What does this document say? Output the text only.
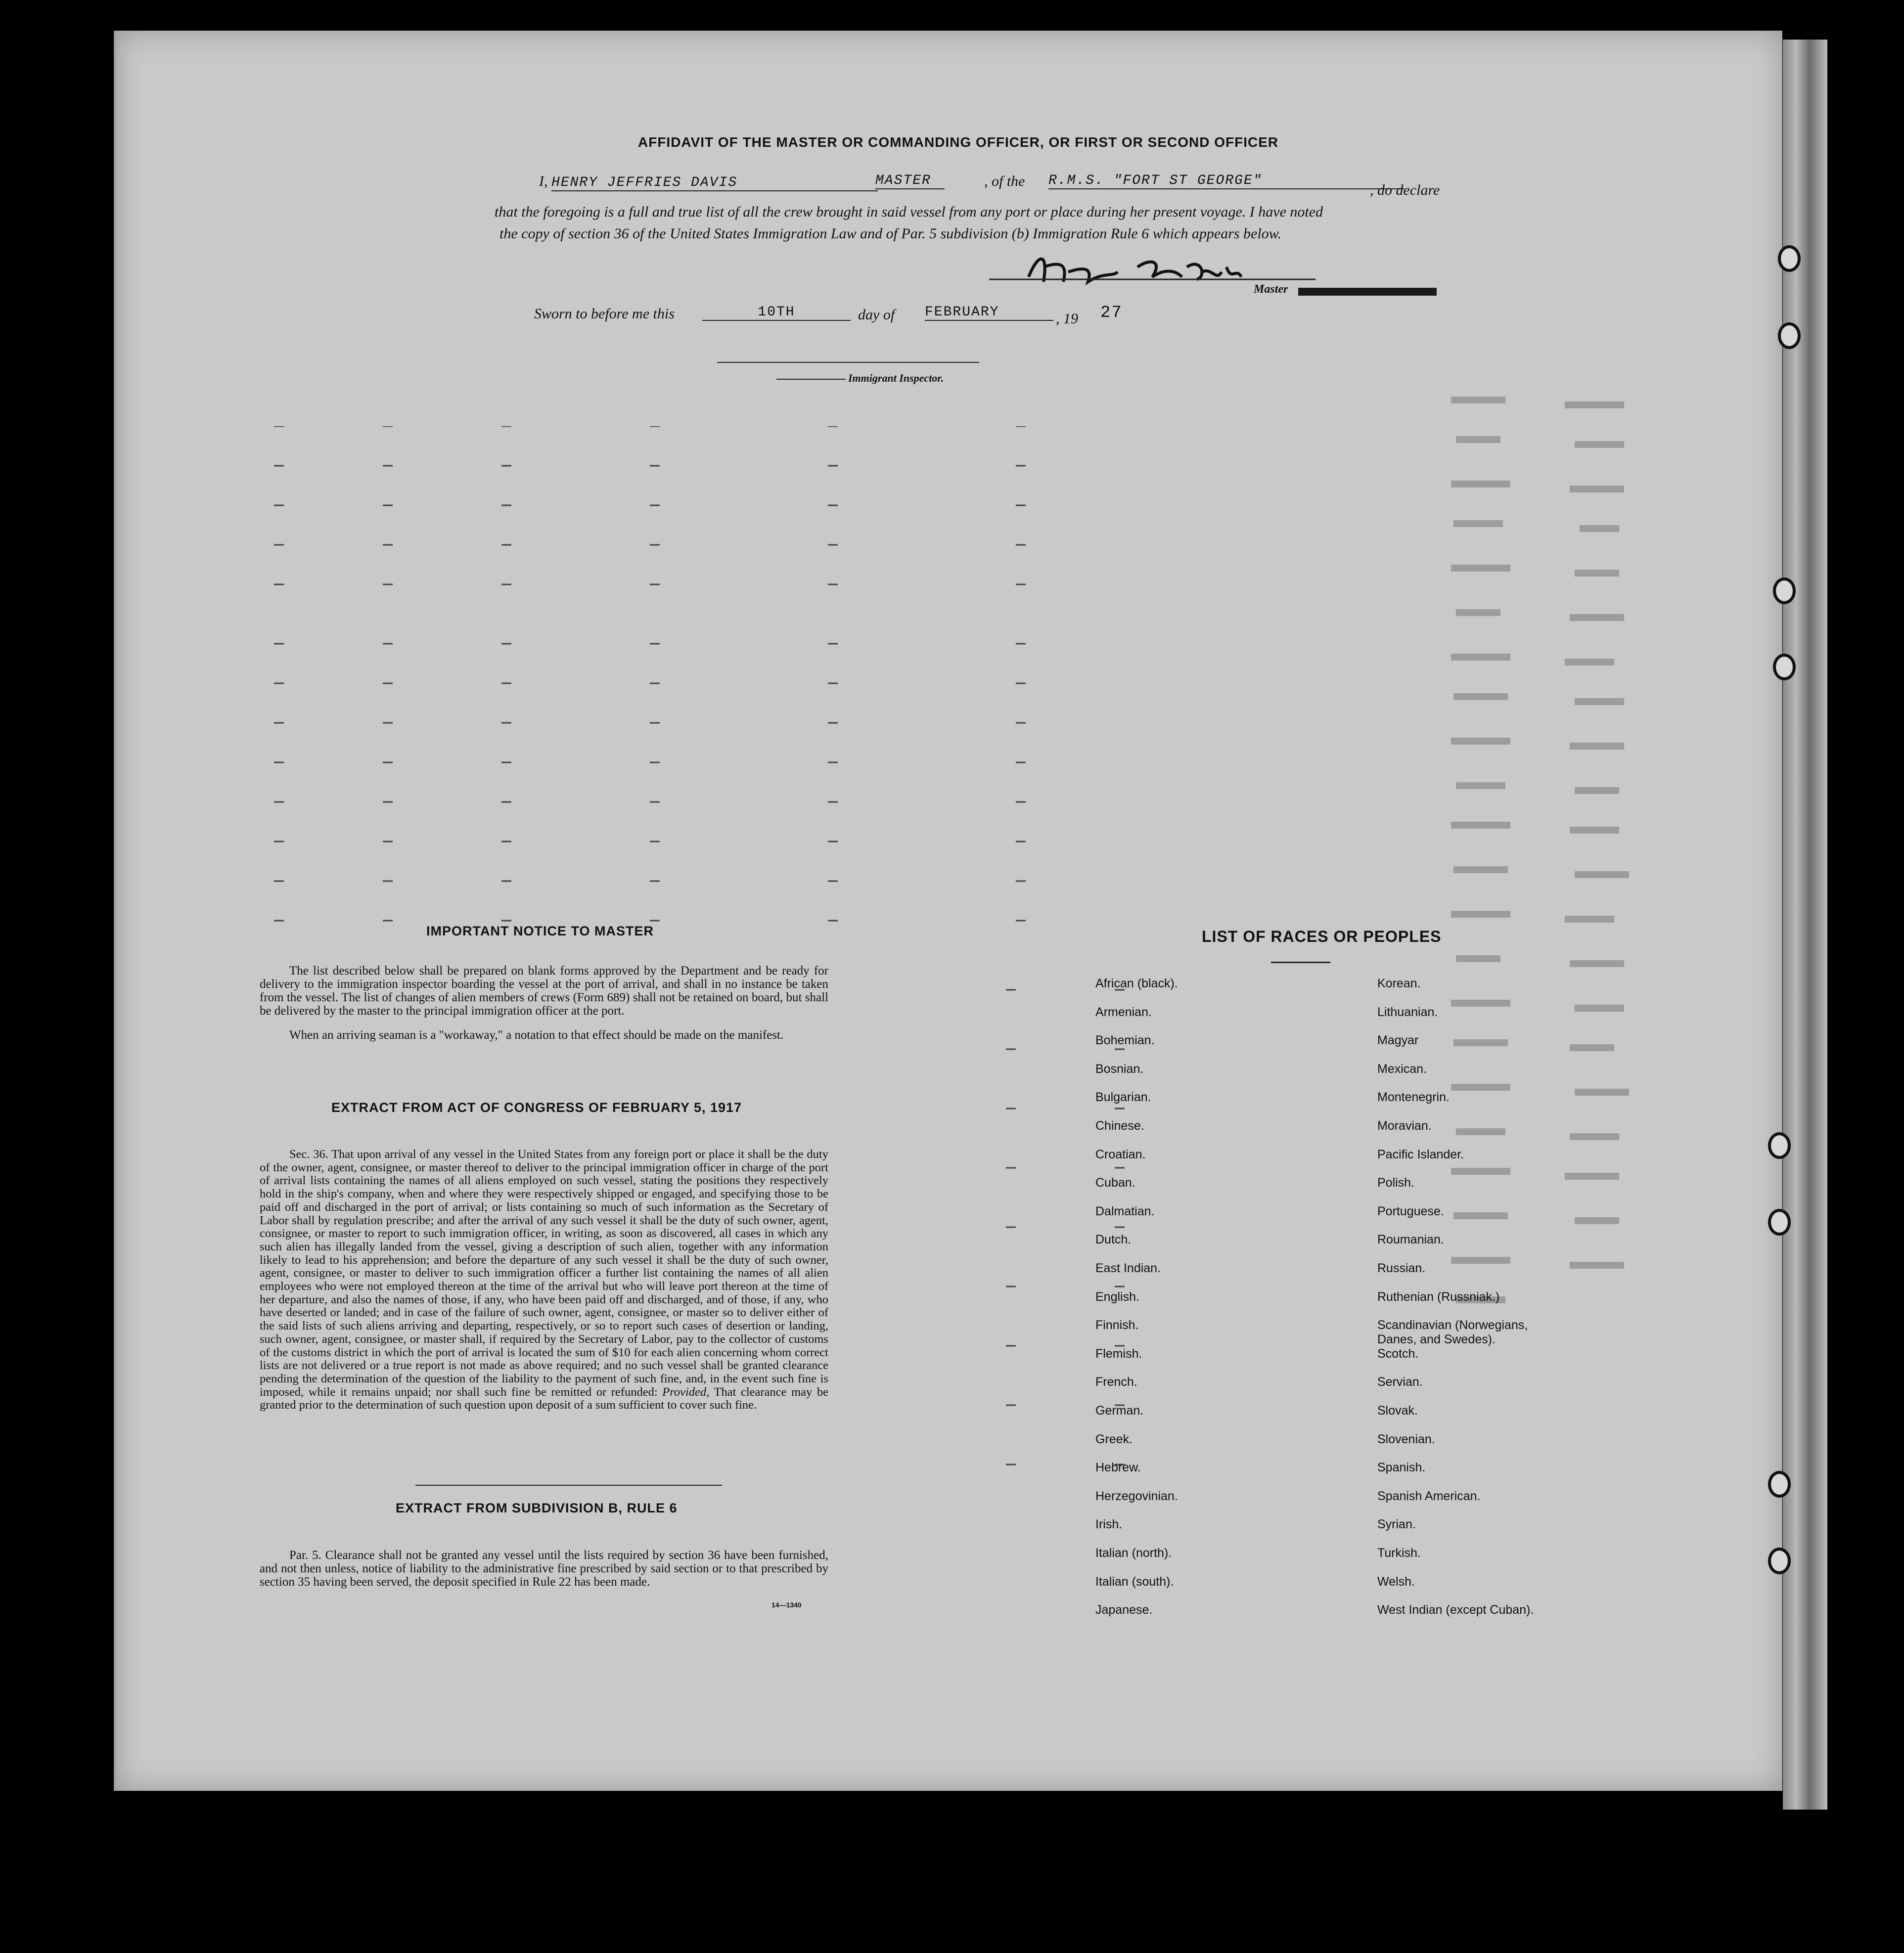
AFFIDAVIT OF THE MASTER OR COMMANDING OFFICER, OR FIRST OR SECOND OFFICER
I, HENRY JEFFRIES DAVIS	MASTER	, of the R.M.S. "FORT ST GEORGE"
, do declare
that the foregoing is a full and true list of all the crew brought in said vessel from any port or place during her present voyage. I have noted
the copy of section 36 of the United States Immigration Law and of Par. 5 subdivision (b) Immigration Rule 6 which appears below.
Master
Sworn to before me this	10TH	day of FEBRUARY	, 19 27
Immigrant Inspector.
IMPORTANT NOTICE TO MASTER
The list described below shall be prepared on blank forms approved by the Department and be ready for delivery to the immigration inspector boarding the vessel at the port of arrival, and shall in no instance be taken from the vessel. The list of changes of alien members of crews (Form 689) shall not be retained on board, but shall be delivered by the master to the principal immigration officer at the port.
When an arriving seaman is a "workaway," a notation to that effect should be made on the manifest.
EXTRACT FROM ACT OF CONGRESS OF FEBRUARY 5, 1917
Sec. 36. That upon arrival of any vessel in the United States from any foreign port or place it shall be the duty of the owner, agent, consignee, or master thereof to deliver to the principal immigration officer in charge of the port of arrival lists containing the names of all aliens employed on such vessel, stating the positions they respectively hold in the ship's company, when and where they were respectively shipped or engaged, and specifying those to be paid off and discharged in the port of arrival; or lists containing so much of such information as the Secretary of Labor shall by regulation prescribe; and after the arrival of any such vessel it shall be the duty of such owner, agent, consignee, or master to report to such immigration officer, in writing, as soon as discovered, all cases in which any such alien has illegally landed from the vessel, giving a description of such alien, together with any information likely to lead to his apprehension; and before the departure of any such vessel it shall be the duty of such owner, agent, consignee, or master to deliver to such immigration officer a further list containing the names of all alien employees who were not employed thereon at the time of the arrival but who will leave port thereon at the time of her departure, and also the names of those, if any, who have been paid off and discharged, and of those, if any, who have deserted or landed; and in case of the failure of such owner, agent, consignee, or master so to deliver either of the said lists of such aliens arriving and departing, respectively, or so to report such cases of desertion or landing, such owner, agent, consignee, or master shall, if required by the Secretary of Labor, pay to the collector of customs of the customs district in which the port of arrival is located the sum of $10 for each alien concerning whom correct lists are not delivered or a true report is not made as above required; and no such vessel shall be granted clearance pending the determination of the question of the liability to the payment of such fine, and, in the event such fine is imposed, while it remains unpaid; nor shall such fine be remitted or refunded: Provided, That clearance may be granted prior to the determination of such question upon deposit of a sum sufficient to cover such fine.
EXTRACT FROM SUBDIVISION B, RULE 6
Par. 5. Clearance shall not be granted any vessel until the lists required by section 36 have been furnished, and not then unless, notice of liability to the administrative fine prescribed by said section or to that prescribed by section 35 having been served, the deposit specified in Rule 22 has been made.
14—1340
LIST OF RACES OR PEOPLES
African (black).
Armenian.
Bohemian.
Bosnian.
Bulgarian.
Chinese.
Croatian.
Cuban.
Dalmatian.
Dutch.
East Indian.
English.
Finnish.
Flemish.
French.
German.
Greek.
Hebrew.
Herzegovinian.
Irish.
Italian (north).
Italian (south).
Japanese.
Korean.
Lithuanian.
Magyar
Mexican.
Montenegrin.
Moravian.
Pacific Islander.
Polish.
Portuguese.
Roumanian.
Russian.
Ruthenian (Russniak.)
Scandinavian (Norwegians, Danes, and Swedes).
Scotch.
Servian.
Slovak.
Slovenian.
Spanish.
Spanish American.
Syrian.
Turkish.
Welsh.
West Indian (except Cuban).
